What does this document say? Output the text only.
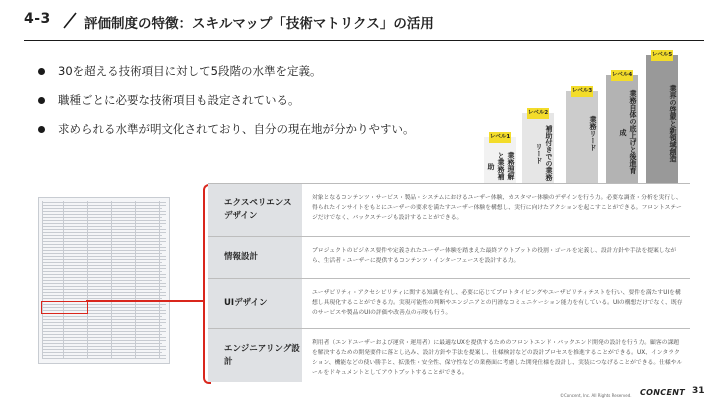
4-3 評価制度の特徴：スキルマップ「技術マトリクス」の活用
30を超える技術項目に対して5段階の水準を定義。
職種ごとに必要な技術項目も設定されている。
求められる水準が明文化されており、自分の現在地が分かりやすい。
レベル1
業務理解と業務補助
レベル2
補助付きでの業務リード
レベル3
業務リード
レベル4
業務自体の底上げと後進育成
レベル5
業界の啓蒙と新領域創造
エクスペリエンス
デザイン
対象となるコンテンツ・サービス・製品・システムにおけるユーザー体験、カスタマー体験のデザインを行う力。必要な調査・分析を実行し、得られたインサイトをもとにユーザーの要求を満たすユーザー体験を構想し、実行に向けたアクションを起こすことができる。フロントステージだけでなく、バックステージも設計することができる。
情報設計
プロジェクトのビジネス要件や定義されたユーザー体験を踏まえた最終アウトプットの役割・ゴールを定義し、設計方針や手法を提案しながら、生活者・ユーザーに提供するコンテンツ・インターフェースを設計する力。
UIデザイン
ユーザビリティ・アクセシビリティに関する知識を有し、必要に応じてプロトタイピングやユーザビリティテストを行い、要件を満たすUIを構想し具現化することができる力。実現可能性の判断やエンジニアとの円滑なコミュニケーション能力を有している。UIの構想だけでなく、既存のサービスや製品のUIの評価や改善点の示唆も行う。
エンジニアリング設計
利用者（エンドユーザーおよび運営・運用者）に最適なUXを提供するためのフロントエンド・バックエンド開発の設計を行う力。顧客の課題を解決するための開発要件に落とし込み、設計方針や手法を提案し、仕様検討などの設計プロセスを推進することができる。UX、インタラクション、機能などの使い勝手と、拡張性・安全性、保守性などの業務面に考慮した開発仕様を設計し、実装につなげることができる。仕様やルールをドキュメントとしてアウトプットすることができる。
©Concent, Inc. All Rights Reserved. CONCENT 31
